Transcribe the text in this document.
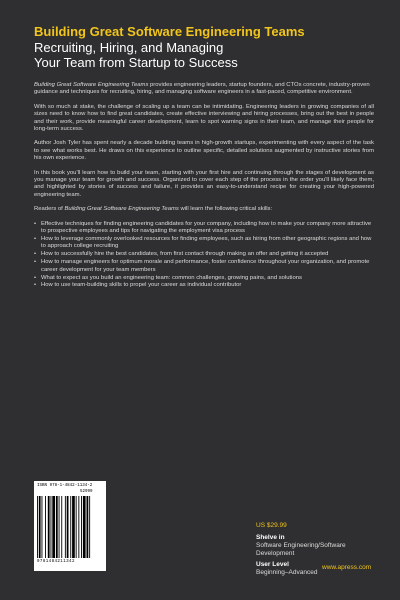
Building Great Software Engineering Teams
Recruiting, Hiring, and Managing
Your Team from Startup to Success

Building Great Software Engineering Teams provides engineering leaders, startup founders, and CTOs concrete, industry-proven guidance and techniques for recruiting, hiring, and managing software engineers in a fast-paced, competitive environment.

With so much at stake, the challenge of scaling up a team can be intimidating. Engineering leaders in growing companies of all sizes need to know how to find great candidates, create effective interviewing and hiring processes, bring out the best in people and their work, provide meaningful career development, learn to spot warning signs in their team, and manage their people for long-term success.

Author Josh Tyler has spent nearly a decade building teams in high-growth startups, experimenting with every aspect of the task to see what works best. He draws on this experience to outline specific, detailed solutions augmented by instructive stories from his own experience.

In this book you'll learn how to build your team, starting with your first hire and continuing through the stages of development as you manage your team for growth and success. Organized to cover each step of the process in the order you'll likely face them, and highlighted by stories of success and failure, it provides an easy-to-understand recipe for creating your high-powered engineering team.

Readers of Building Great Software Engineering Teams will learn the following critical skills:

• Effective techniques for finding engineering candidates for your company, including how to make your company more attractive to prospective employees and tips for navigating the employment visa process
• How to leverage commonly overlooked resources for finding employees, such as hiring from other geographic regions and how to approach college recruiting
• How to successfully hire the best candidates, from first contact through making an offer and getting it accepted
• How to manage engineers for optimum morale and performance, foster confidence throughout your organization, and promote career development for your team members
• What to expect as you build an engineering team: common challenges, growing pains, and solutions
• How to use team-building skills to propel your career as individual contributor
ISBN 978-1-4842-1134-2
52999
9781484211342
US $29.99
Shelve in
Software Engineering/Software Development
User Level
Beginning–Advanced
www.apress.com
